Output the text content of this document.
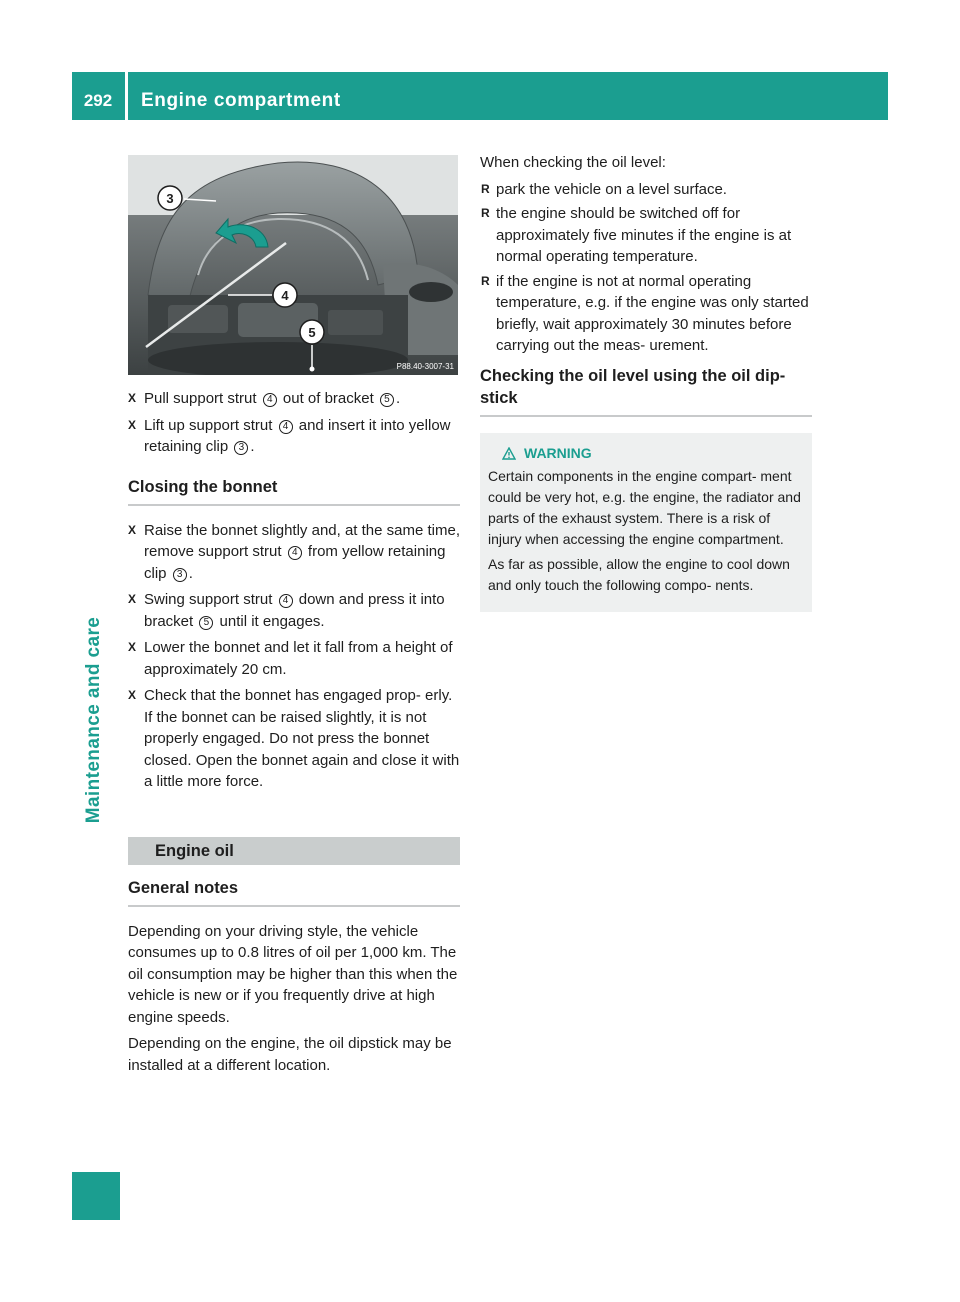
292	Engine compartment
Maintenance and care
3
4
5
P88.40-3007-31
X Pull support strut 4 out of bracket 5 .
X Lift up support strut 4 and insert it into yellow retaining clip 3 .
Closing the bonnet
X Raise the bonnet slightly and, at the same time, remove support strut 4 from yellow retaining clip 3 .
X Swing support strut 4 down and press it into bracket 5 until it engages.
X Lower the bonnet and let it fall from a height of approximately 20 cm.
X Check that the bonnet has engaged prop‐ erly.
If the bonnet can be raised slightly, it is not properly engaged. Do not press the bonnet closed. Open the bonnet again and close it with a little more force.
Engine oil
General notes

Depending on your driving style, the vehicle consumes up to 0.8 litres of oil per 1,000 km. The oil consumption may be higher than this when the vehicle is new or if you frequently drive at high engine speeds.

Depending on the engine, the oil dipstick may be installed at a different location.

When checking the oil level:

R park the vehicle on a level surface.
R the engine should be switched off for approximately five minutes if the engine is at normal operating temperature.
R if the engine is not at normal operating temperature, e.g. if the engine was only started briefly, wait approximately 30 minutes before carrying out the meas‐ urement.
Checking the oil level using the oil dip‐ stick
WARNING

Certain components in the engine compart‐ ment could be very hot, e.g. the engine, the radiator and parts of the exhaust system. There is a risk of injury when accessing the engine compartment.

As far as possible, allow the engine to cool down and only touch the following compo‐ nents.
